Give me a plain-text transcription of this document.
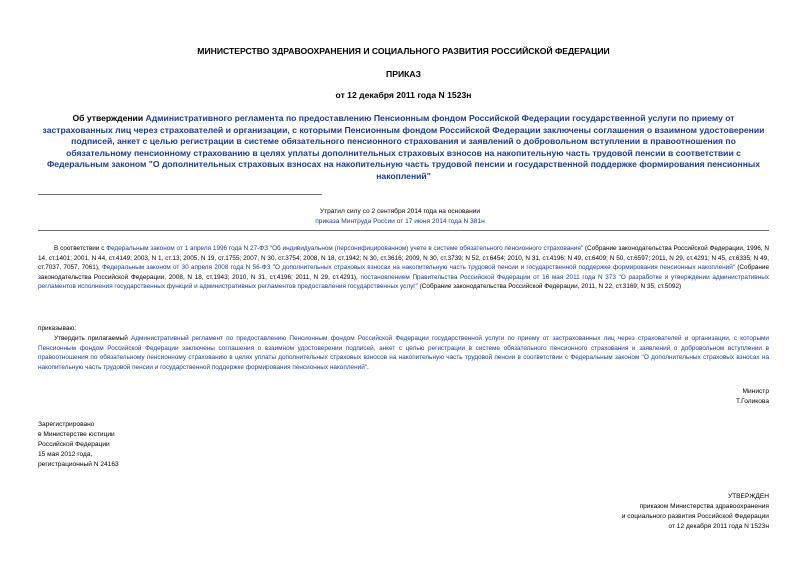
МИНИСТЕРСТВО ЗДРАВООХРАНЕНИЯ И СОЦИАЛЬНОГО РАЗВИТИЯ РОССИЙСКОЙ ФЕДЕРАЦИИ
ПРИКАЗ
от 12 декабря 2011 года N 1523н
Об утверждении Административного регламента по предоставлению Пенсионным фондом Российской Федерации государственной услуги по приему от застрахованных лиц через страхователей и организации, с которыми Пенсионным фондом Российской Федерации заключены соглашения о взаимном удостоверении подписей, анкет с целью регистрации в системе обязательного пенсионного страхования и заявлений о добровольном вступлении в правоотношения по обязательному пенсионному страхованию в целях уплаты дополнительных страховых взносов на накопительную часть трудовой пенсии в соответствии с Федеральным законом "О дополнительных страховых взносах на накопительную часть трудовой пенсии и государственной поддержке формирования пенсионных накоплений"

Утратил силу со 2 сентября 2014 года на основании

приказа Минтруда России от 17 июня 2014 года N 381н

В соответствии с Федеральным законом от 1 апреля 1996 года N 27-ФЗ "Об индивидуальном (персонифицированном) учете в системе обязательного пенсионного страхования" (Собрание законодательства Российской Федерации, 1996, N 14, ст.1401; 2001, N 44, ст.4149; 2003, N 1, ст.13; 2005, N 19, ст.1755; 2007, N 30, ст.3754; 2008, N 18, ст.1942; N 30, ст.3616; 2009, N 30, ст.3739; N 52, ст.6454; 2010, N 31, ст.4196; N 49, ст.6409; N 50, ст.6597; 2011, N 29, ст.4291; N 45, ст.6335; N 49, ст.7037, 7057, 7061), Федеральным законом от 30 апреля 2008 года N 56-ФЗ "О дополнительных страховых взносах на накопительную часть трудовой пенсии и государственной поддержке формирования пенсионных накоплений" (Собрание законодательства Российской Федерации, 2008, N 18, ст.1943; 2010, N 31, ст.4196; 2011, N 29, ст.4291), постановлением Правительства Российской Федерации от 16 мая 2011 года N 373 "О разработке и утверждении административных регламентов исполнения государственных функций и административных регламентов предоставления государственных услуг" (Собрание законодательства Российской Федерации, 2011, N 22, ст.3169; N 35, ст.5092)
приказываю:
Утвердить прилагаемый Административный регламент по предоставлению Пенсионным фондом Российской Федерации государственной услуги по приему от застрахованных лиц через страхователей и организации, с которыми Пенсионным фондом Российской Федерации заключены соглашения о взаимном удостоверении подписей, анкет с целью регистрации в системе обязательного пенсионного страхования и заявлений о добровольном вступлении в правоотношения по обязательному пенсионному страхованию в целях уплаты дополнительных страховых взносов на накопительную часть трудовой пенсии в соответствии с Федеральным законом "О дополнительных страховых взносах на накопительную часть трудовой пенсии и государственной поддержке формирования пенсионных накоплений".

Министр

Т.Голикова

Зарегистрировано

в Министерстве юстиции

Российской Федерации

15 мая 2012 года,

регистрационный N 24163

УТВЕРЖДЕН

приказом Министерства здравоохранения

и социального развития Российской Федерации

от 12 декабря 2011 года N 1523н
